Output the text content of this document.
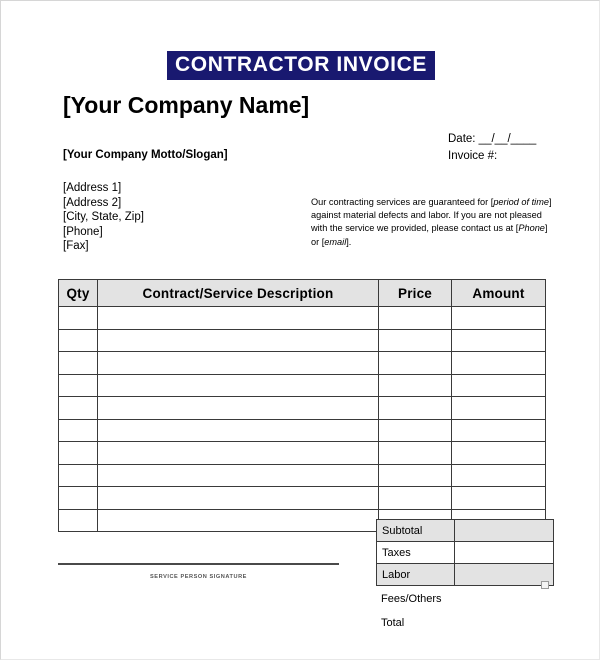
CONTRACTOR INVOICE
[Your Company Name]
[Your Company Motto/Slogan]
[Address 1]
[Address 2]
[City, State, Zip]
[Phone]
[Fax]
Date: __/__/____
Invoice #:
Our contracting services are guaranteed for [period of time] against material defects and labor. If you are not pleased with the service we provided, please contact us at [Phone] or [email].
Qty	Contract/Service Description	Price	Amount

Subtotal	
Taxes	
Labor	
Fees/Others
Total
SERVICE PERSON SIGNATURE
